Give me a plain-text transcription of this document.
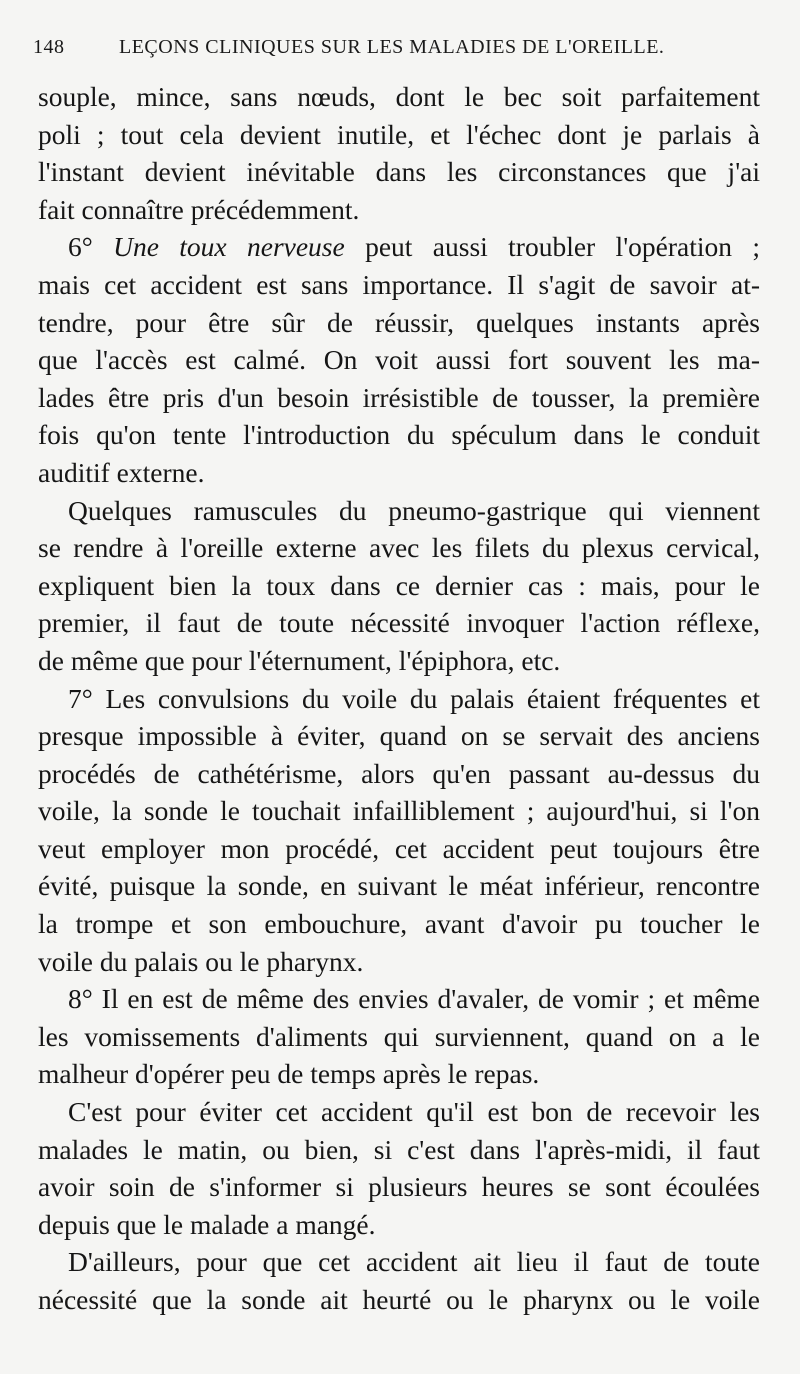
148	LEÇONS CLINIQUES SUR LES MALADIES DE L'OREILLE.
souple, mince, sans nœuds, dont le bec soit parfaitement
poli ; tout cela devient inutile, et l'échec dont je parlais à
l'instant devient inévitable dans les circonstances que j'ai
fait connaître précédemment.
6° Une toux nerveuse peut aussi troubler l'opération ;
mais cet accident est sans importance. Il s'agit de savoir at-
tendre, pour être sûr de réussir, quelques instants après
que l'accès est calmé. On voit aussi fort souvent les ma-
lades être pris d'un besoin irrésistible de tousser, la première
fois qu'on tente l'introduction du spéculum dans le conduit
auditif externe.
Quelques ramuscules du pneumo-gastrique qui viennent
se rendre à l'oreille externe avec les filets du plexus cervical,
expliquent bien la toux dans ce dernier cas : mais, pour le
premier, il faut de toute nécessité invoquer l'action réflexe,
de même que pour l'éternument, l'épiphora, etc.
7° Les convulsions du voile du palais étaient fréquentes et
presque impossible à éviter, quand on se servait des anciens
procédés de cathétérisme, alors qu'en passant au-dessus du
voile, la sonde le touchait infailliblement ; aujourd'hui, si l'on
veut employer mon procédé, cet accident peut toujours être
évité, puisque la sonde, en suivant le méat inférieur, rencontre
la trompe et son embouchure, avant d'avoir pu toucher le
voile du palais ou le pharynx.
8° Il en est de même des envies d'avaler, de vomir ; et même
les vomissements d'aliments qui surviennent, quand on a le
malheur d'opérer peu de temps après le repas.
C'est pour éviter cet accident qu'il est bon de recevoir les
malades le matin, ou bien, si c'est dans l'après-midi, il faut
avoir soin de s'informer si plusieurs heures se sont écoulées
depuis que le malade a mangé.
D'ailleurs, pour que cet accident ait lieu il faut de toute
nécessité que la sonde ait heurté ou le pharynx ou le voile
